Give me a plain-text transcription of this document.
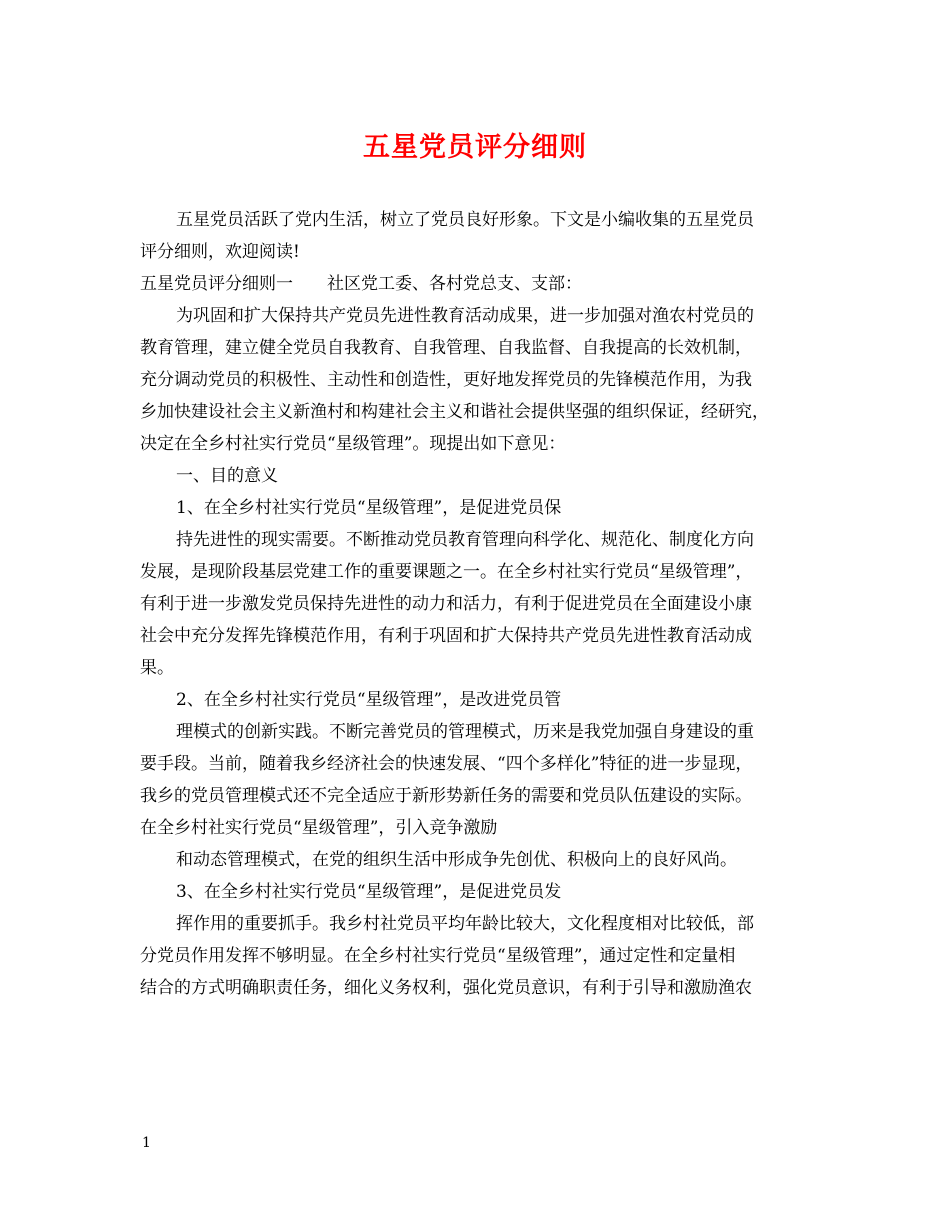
五星党员评分细则
五星党员活跃了党内生活，树立了党员良好形象。下文是小编收集的五星党员
评分细则，欢迎阅读!
五星党员评分细则一　　社区党工委、各村党总支、支部：
为巩固和扩大保持共产党员先进性教育活动成果，进一步加强对渔农村党员的
教育管理，建立健全党员自我教育、自我管理、自我监督、自我提高的长效机制，
充分调动党员的积极性、主动性和创造性，更好地发挥党员的先锋模范作用，为我
乡加快建设社会主义新渔村和构建社会主义和谐社会提供坚强的组织保证，经研究，
决定在全乡村社实行党员“星级管理”。现提出如下意见：
一、目的意义
1、在全乡村社实行党员“星级管理”，是促进党员保
持先进性的现实需要。不断推动党员教育管理向科学化、规范化、制度化方向
发展，是现阶段基层党建工作的重要课题之一。在全乡村社实行党员“星级管理”，
有利于进一步激发党员保持先进性的动力和活力，有利于促进党员在全面建设小康
社会中充分发挥先锋模范作用，有利于巩固和扩大保持共产党员先进性教育活动成
果。
2、在全乡村社实行党员“星级管理”，是改进党员管
理模式的创新实践。不断完善党员的管理模式，历来是我党加强自身建设的重
要手段。当前，随着我乡经济社会的快速发展、“四个多样化”特征的进一步显现，
我乡的党员管理模式还不完全适应于新形势新任务的需要和党员队伍建设的实际。
在全乡村社实行党员“星级管理”，引入竞争激励
和动态管理模式，在党的组织生活中形成争先创优、积极向上的良好风尚。
3、在全乡村社实行党员“星级管理”，是促进党员发
挥作用的重要抓手。我乡村社党员平均年龄比较大，文化程度相对比较低，部
分党员作用发挥不够明显。在全乡村社实行党员“星级管理”，通过定性和定量相
结合的方式明确职责任务，细化义务权利，强化党员意识，有利于引导和激励渔农
1
